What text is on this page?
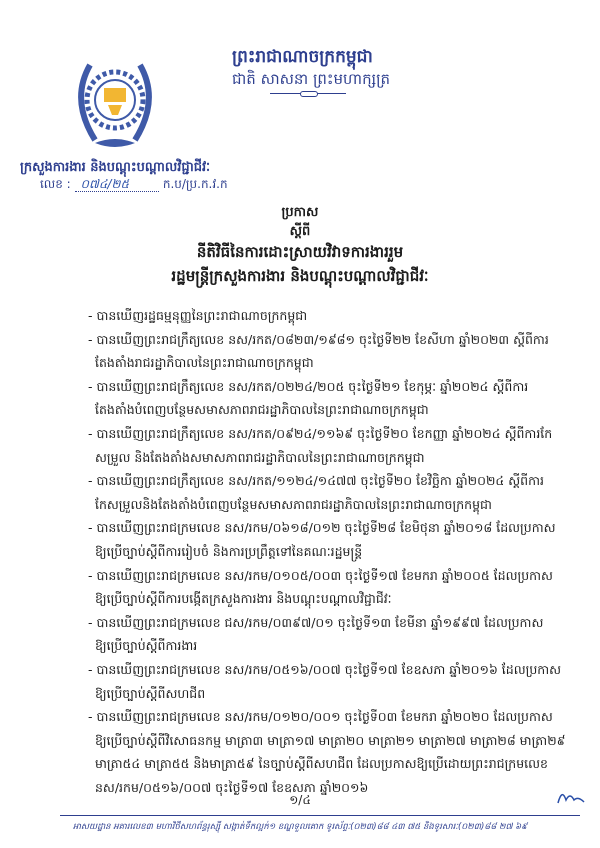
ព្រះរាជាណាចក្រកម្ពុជា
ជាតិ សាសនា ព្រះមហាក្សត្រ
ក្រសួងការងារ និងបណ្តុះបណ្តាលវិជ្ជាជីវៈ
លេខ : ០៧៤/២៥	ក.ប/ប្រ.ក.វ.ក
ប្រកាស
ស្តីពី
នីតិវិធីនៃការដោះស្រាយវិវាទការងាររួម
រដ្ឋមន្ត្រីក្រសួងការងារ និងបណ្តុះបណ្តាលវិជ្ជាជីវៈ
- បានឃើញរដ្ឋធម្មនុញ្ញនៃព្រះរាជាណាចក្រកម្ពុជា
- បានឃើញព្រះរាជក្រឹត្យលេខ នស/រកត/០៨២៣/១៩៨១ ចុះថ្ងៃទី២២ ខែសីហា ឆ្នាំ២០២៣ ស្តីពីការ
តែងតាំងរាជរដ្ឋាភិបាលនៃព្រះរាជាណាចក្រកម្ពុជា
- បានឃើញព្រះរាជក្រឹត្យលេខ នស/រកត/០២២៤/២០៥ ចុះថ្ងៃទី២១ ខែកុម្ភៈ ឆ្នាំ២០២៤ ស្តីពីការ
តែងតាំងបំពេញបន្ថែមសមាសភាពរាជរដ្ឋាភិបាលនៃព្រះរាជាណាចក្រកម្ពុជា
- បានឃើញព្រះរាជក្រឹត្យលេខ នស/រកត/០៩២៤/១១៦៩ ចុះថ្ងៃទី២០ ខែកញ្ញា ឆ្នាំ២០២៤ ស្តីពីការកែ
សម្រួល និងតែងតាំងសមាសភាពរាជរដ្ឋាភិបាលនៃព្រះរាជាណាចក្រកម្ពុជា
- បានឃើញព្រះរាជក្រឹត្យលេខ នស/រកត/១១២៤/១៤៧៧ ចុះថ្ងៃទី២០ ខែវិច្ឆិកា ឆ្នាំ២០២៤ ស្តីពីការ
កែសម្រួលនិងតែងតាំងបំពេញបន្ថែមសមាសភាពរាជរដ្ឋាភិបាលនៃព្រះរាជាណាចក្រកម្ពុជា
- បានឃើញព្រះរាជក្រមលេខ នស/រកម/០៦១៨/០១២ ចុះថ្ងៃទី២៨ ខែមិថុនា ឆ្នាំ២០១៨ ដែលប្រកាស
ឱ្យប្រើច្បាប់ស្តីពីការរៀបចំ និងការប្រព្រឹត្តទៅនៃគណៈរដ្ឋមន្ត្រី
- បានឃើញព្រះរាជក្រមលេខ នស/រកម/០១០៥/០០៣ ចុះថ្ងៃទី១៧ ខែមករា ឆ្នាំ២០០៥ ដែលប្រកាស
ឱ្យប្រើច្បាប់ស្តីពីការបង្កើតក្រសួងការងារ និងបណ្តុះបណ្តាលវិជ្ជាជីវៈ
- បានឃើញព្រះរាជក្រមលេខ ជស/រកម/០៣៩៧/០១ ចុះថ្ងៃទី១៣ ខែមីនា ឆ្នាំ១៩៩៧ ដែលប្រកាស
ឱ្យប្រើច្បាប់ស្តីពីការងារ
- បានឃើញព្រះរាជក្រមលេខ នស/រកម/០៥១៦/០០៧ ចុះថ្ងៃទី១៧ ខែឧសភា ឆ្នាំ២០១៦ ដែលប្រកាស
ឱ្យប្រើច្បាប់ស្តីពីសហជីព
- បានឃើញព្រះរាជក្រមលេខ នស/រកម/០១២០/០០១ ចុះថ្ងៃទី០៣ ខែមករា ឆ្នាំ២០២០ ដែលប្រកាស
ឱ្យប្រើច្បាប់ស្តីពីវិសោធនកម្ម មាត្រា៣ មាត្រា១៧ មាត្រា២០ មាត្រា២១ មាត្រា២៧ មាត្រា២៨ មាត្រា២៩
មាត្រា៥៤ មាត្រា៥៥ និងមាត្រា៥៩ នៃច្បាប់ស្តីពីសហជីព ដែលប្រកាសឱ្យប្រើដោយព្រះរាជក្រមលេខ
នស/រកម/០៥១៦/០០៧ ចុះថ្ងៃទី១៧ ខែឧសភា ឆ្នាំ២០១៦
១/៤
អាសយដ្ឋាន អគារលេខ៣ មហាវិថីសហព័ន្ធរុស្ស៊ី សង្កាត់ទឹកល្អក់១ ខណ្ឌទួលគោក ទូរស័ព្ទៈ(០២៣)៨៨ ៤៣ ៧៥ និងទូរសារៈ(០២៣)៨៨ ២៧ ៦៩
